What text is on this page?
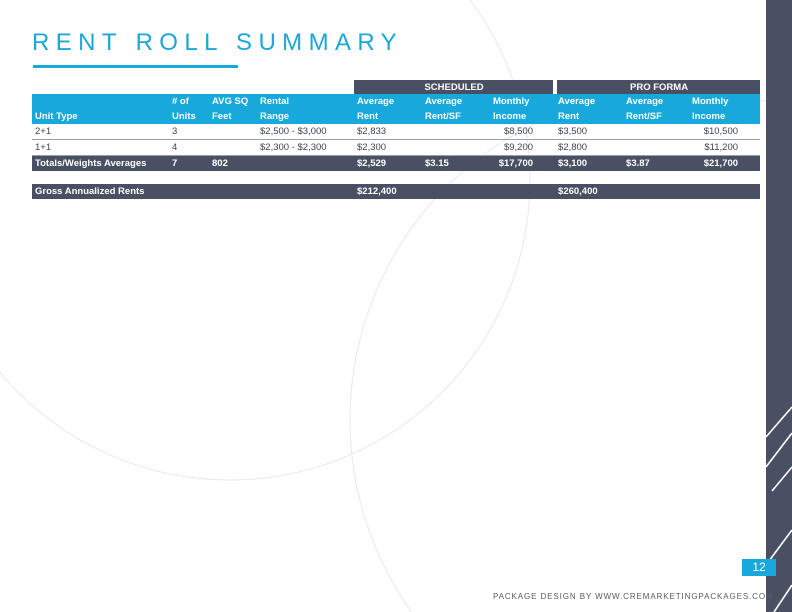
RENT ROLL SUMMARY
				SCHEDULED			PRO FORMA		
	# of	AVG SQ	Rental	Average	Average	Monthly	Average	Average	Monthly
Unit Type	Units	Feet	Range	Rent	Rent/SF	Income	Rent	Rent/SF	Income
2+1	3		$2,500 - $3,000	$2,833		$8,500	$3,500		$10,500
1+1	4		$2,300 - $2,300	$2,300		$9,200	$2,800		$11,200
Totals/Weights Averages	7	802		$2,529	$3.15	$17,700	$3,100	$3.87	$21,700

Gross Annualized Rents				$212,400			$260,400		
12
PACKAGE DESIGN BY WWW.CREMARKETINGPACKAGES.COM
